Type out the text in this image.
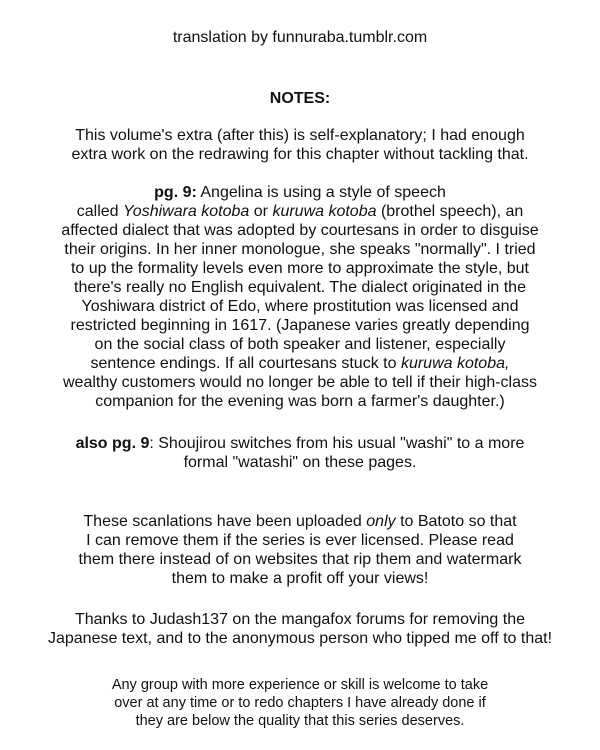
translation by funnuraba.tumblr.com
NOTES:
This volume's extra (after this) is self-explanatory; I had enough
extra work on the redrawing for this chapter without tackling that.
pg. 9: Angelina is using a style of speech
called Yoshiwara kotoba or kuruwa kotoba (brothel speech), an
affected dialect that was adopted by courtesans in order to disguise
their origins. In her inner monologue, she speaks "normally". I tried
to up the formality levels even more to approximate the style, but
there's really no English equivalent. The dialect originated in the
Yoshiwara district of Edo, where prostitution was licensed and
restricted beginning in 1617. (Japanese varies greatly depending
on the social class of both speaker and listener, especially
sentence endings. If all courtesans stuck to kuruwa kotoba,
wealthy customers would no longer be able to tell if their high-class
companion for the evening was born a farmer's daughter.)
also pg. 9: Shoujirou switches from his usual "washi" to a more
formal "watashi" on these pages.
These scanlations have been uploaded only to Batoto so that
I can remove them if the series is ever licensed. Please read
them there instead of on websites that rip them and watermark
them to make a profit off your views!
Thanks to Judash137 on the mangafox forums for removing the
Japanese text, and to the anonymous person who tipped me off to that!
Any group with more experience or skill is welcome to take
over at any time or to redo chapters I have already done if
they are below the quality that this series deserves.
